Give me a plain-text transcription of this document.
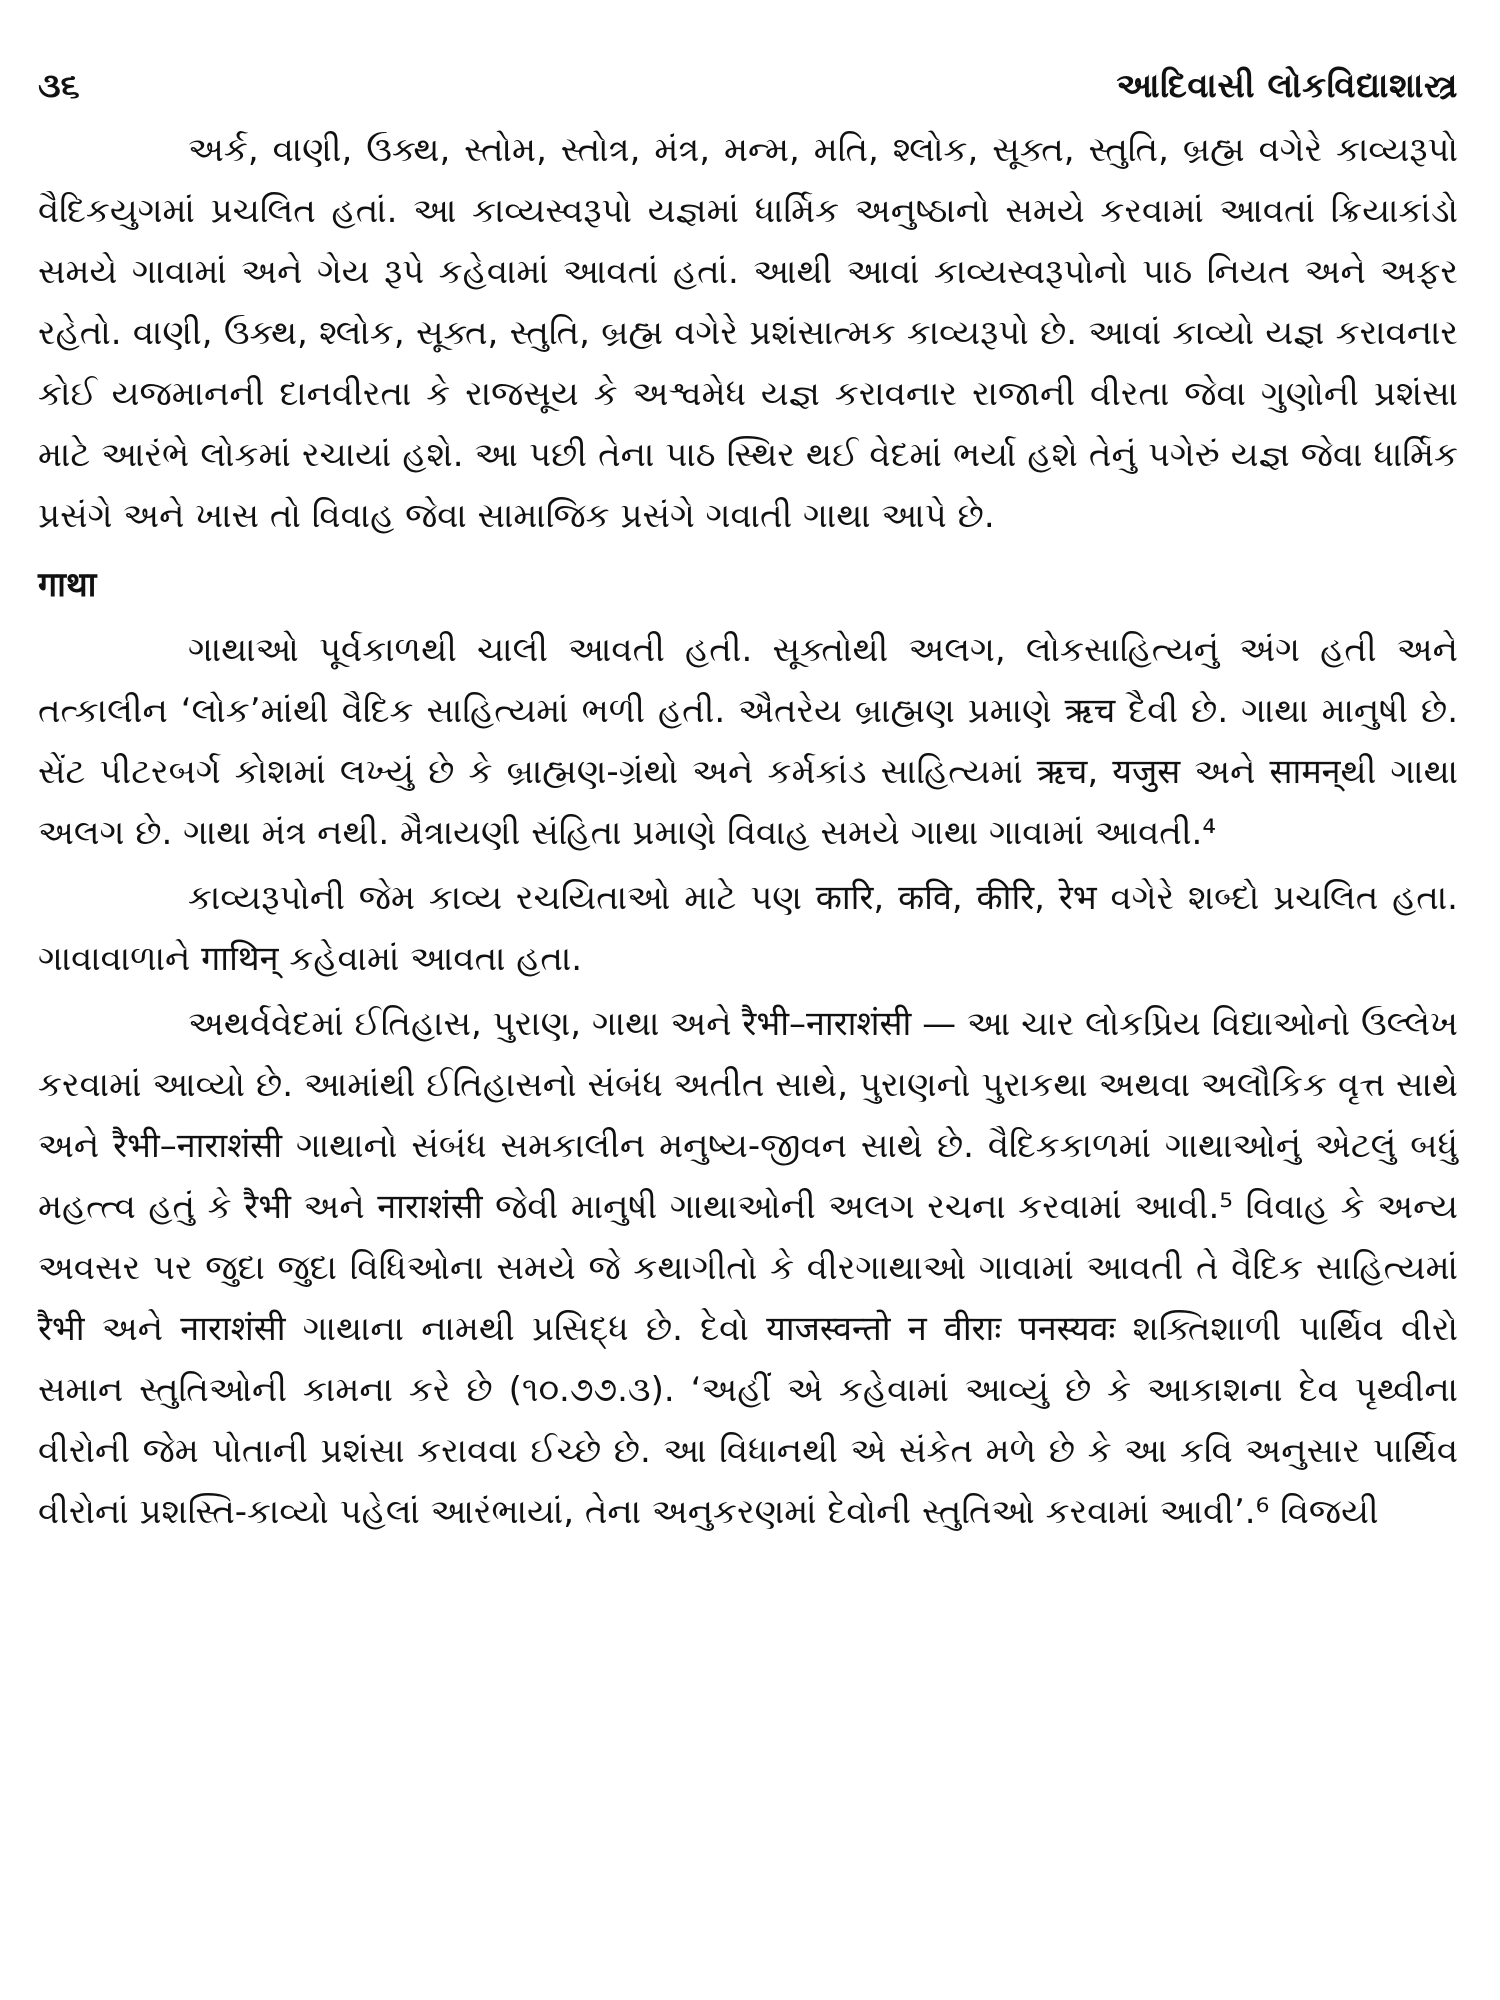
૩૬	આદિવાસી લોકવિદ્યાશાસ્ત્ર

અર્ક, વાણી, ઉક્થ, સ્તોમ, સ્તોત્ર, મંત્ર, મન્મ, મતિ, શ્લોક, સૂક્ત, સ્તુતિ, બ્રહ્મ વગેરે કાવ્યરૂપો વૈદિકયુગમાં પ્રચલિત હતાં. આ કાવ્યસ્વરૂપો યજ્ઞમાં ધાર્મિક અનુષ્ઠાનો સમયે કરવામાં આવતાં ક્રિયાકાંડો સમયે ગાવામાં અને ગેય રૂપે કહેવામાં આવતાં હતાં. આથી આવાં કાવ્યસ્વરૂપોનો પાઠ નિયત અને અફર રહેતો. વાણી, ઉક્થ, શ્લોક, સૂક્ત, સ્તુતિ, બ્રહ્મ વગેરે પ્રશંસાત્મક કાવ્યરૂપો છે. આવાં કાવ્યો યજ્ઞ કરાવનાર કોઈ યજમાનની દાનવીરતા કે રાજસૂય કે અશ્વમેધ યજ્ઞ કરાવનાર રાજાની વીરતા જેવા ગુણોની પ્રશંસા માટે આરંભે લોકમાં રચાયાં હશે. આ પછી તેના પાઠ સ્થિર થઈ વેદમાં ભર્યા હશે તેનું પગેરું યજ્ઞ જેવા ધાર્મિક પ્રસંગે અને ખાસ તો વિવાહ જેવા સામાજિક પ્રસંગે ગવાતી ગાથા આપે છે.

गाथा

ગાથાઓ પૂર્વકાળથી ચાલી આવતી હતી. સૂક્તોથી અલગ, લોકસાહિત્યનું અંગ હતી અને તત્કાલીન ‘લોક’માંથી વૈદિક સાહિત્યમાં ભળી હતી. ઐતરેય બ્રાહ્મણ પ્રમાણે ऋच દૈવી છે. ગાથા માનુષી છે. સેંટ પીટરબર્ગ કોશમાં લખ્યું છે કે બ્રાહ્મણ-ગ્રંથો અને કર્મકાંડ સાહિત્યમાં ऋच, यजुस અને सामन्થી ગાથા અલગ છે. ગાથા મંત્ર નથી. મૈત્રાયણી સંહિતા પ્રમાણે વિવાહ સમયે ગાથા ગાવામાં આવતી.⁴

કાવ્યરૂપોની જેમ કાવ્ય રચયિતાઓ માટે પણ कारि, कवि, कीरि, रेभ વગેરે શબ્દો પ્રચલિત હતા. ગાવાવાળાને गाथिन् કહેવામાં આવતા હતા.

અથર્વવેદમાં ઈતિહાસ, પુરાણ, ગાથા અને रैभी–नाराशंसी — આ ચાર લોકપ્રિય વિદ્યાઓનો ઉલ્લેખ કરવામાં આવ્યો છે. આમાંથી ઈતિહાસનો સંબંધ અતીત સાથે, પુરાણનો પુરાકથા અથવા અલૌકિક વૃત્ત સાથે અને रैभी–नाराशंसी ગાથાનો સંબંધ સમકાલીન મનુષ્ય-જીવન સાથે છે. વૈદિકકાળમાં ગાથાઓનું એટલું બધું મહત્ત્વ હતું કે रैभी અને नाराशंसी જેવી માનુષી ગાથાઓની અલગ રચના કરવામાં આવી.⁵ વિવાહ કે અન્ય અવસર પર જુદા જુદા વિધિઓના સમયે જે કથાગીતો કે વીરગાથાઓ ગાવામાં આવતી તે વૈદિક સાહિત્યમાં रैभी અને नाराशंसी ગાથાના નામથી પ્રસિદ્ધ છે. દેવો याजस्वन्तो न वीराः पनस्यवः શક્તિશાળી પાર્થિવ વીરો સમાન સ્તુતિઓની કામના કરે છે (૧૦.૭૭.૩). ‘અહીં એ કહેવામાં આવ્યું છે કે આકાશના દેવ પૃથ્વીના વીરોની જેમ પોતાની પ્રશંસા કરાવવા ઈચ્છે છે. આ વિધાનથી એ સંકેત મળે છે કે આ કવિ અનુસાર પાર્થિવ વીરોનાં પ્રશસ્તિ-કાવ્યો પહેલાં આરંભાયાં, તેના અનુકરણમાં દેવોની સ્તુતિઓ કરવામાં આવી’.⁶ વિજયી
